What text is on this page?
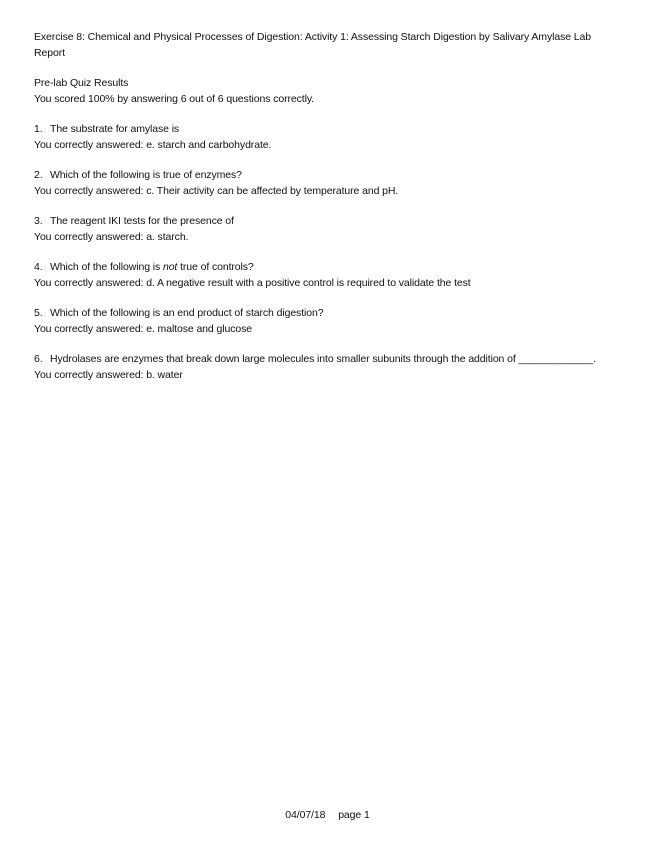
Exercise 8: Chemical and Physical Processes of Digestion: Activity 1: Assessing Starch Digestion by Salivary Amylase Lab Report
Pre-lab Quiz Results
You scored 100% by answering 6 out of 6 questions correctly.
1. The substrate for amylase is
You correctly answered: e. starch and carbohydrate.
2. Which of the following is true of enzymes?
You correctly answered: c. Their activity can be affected by temperature and pH.
3. The reagent IKI tests for the presence of
You correctly answered: a. starch.
4. Which of the following is not true of controls?
You correctly answered: d. A negative result with a positive control is required to validate the test
5. Which of the following is an end product of starch digestion?
You correctly answered: e. maltose and glucose
6. Hydrolases are enzymes that break down large molecules into smaller subunits through the addition of _____________.
You correctly answered: b. water
04/07/18 page 1
